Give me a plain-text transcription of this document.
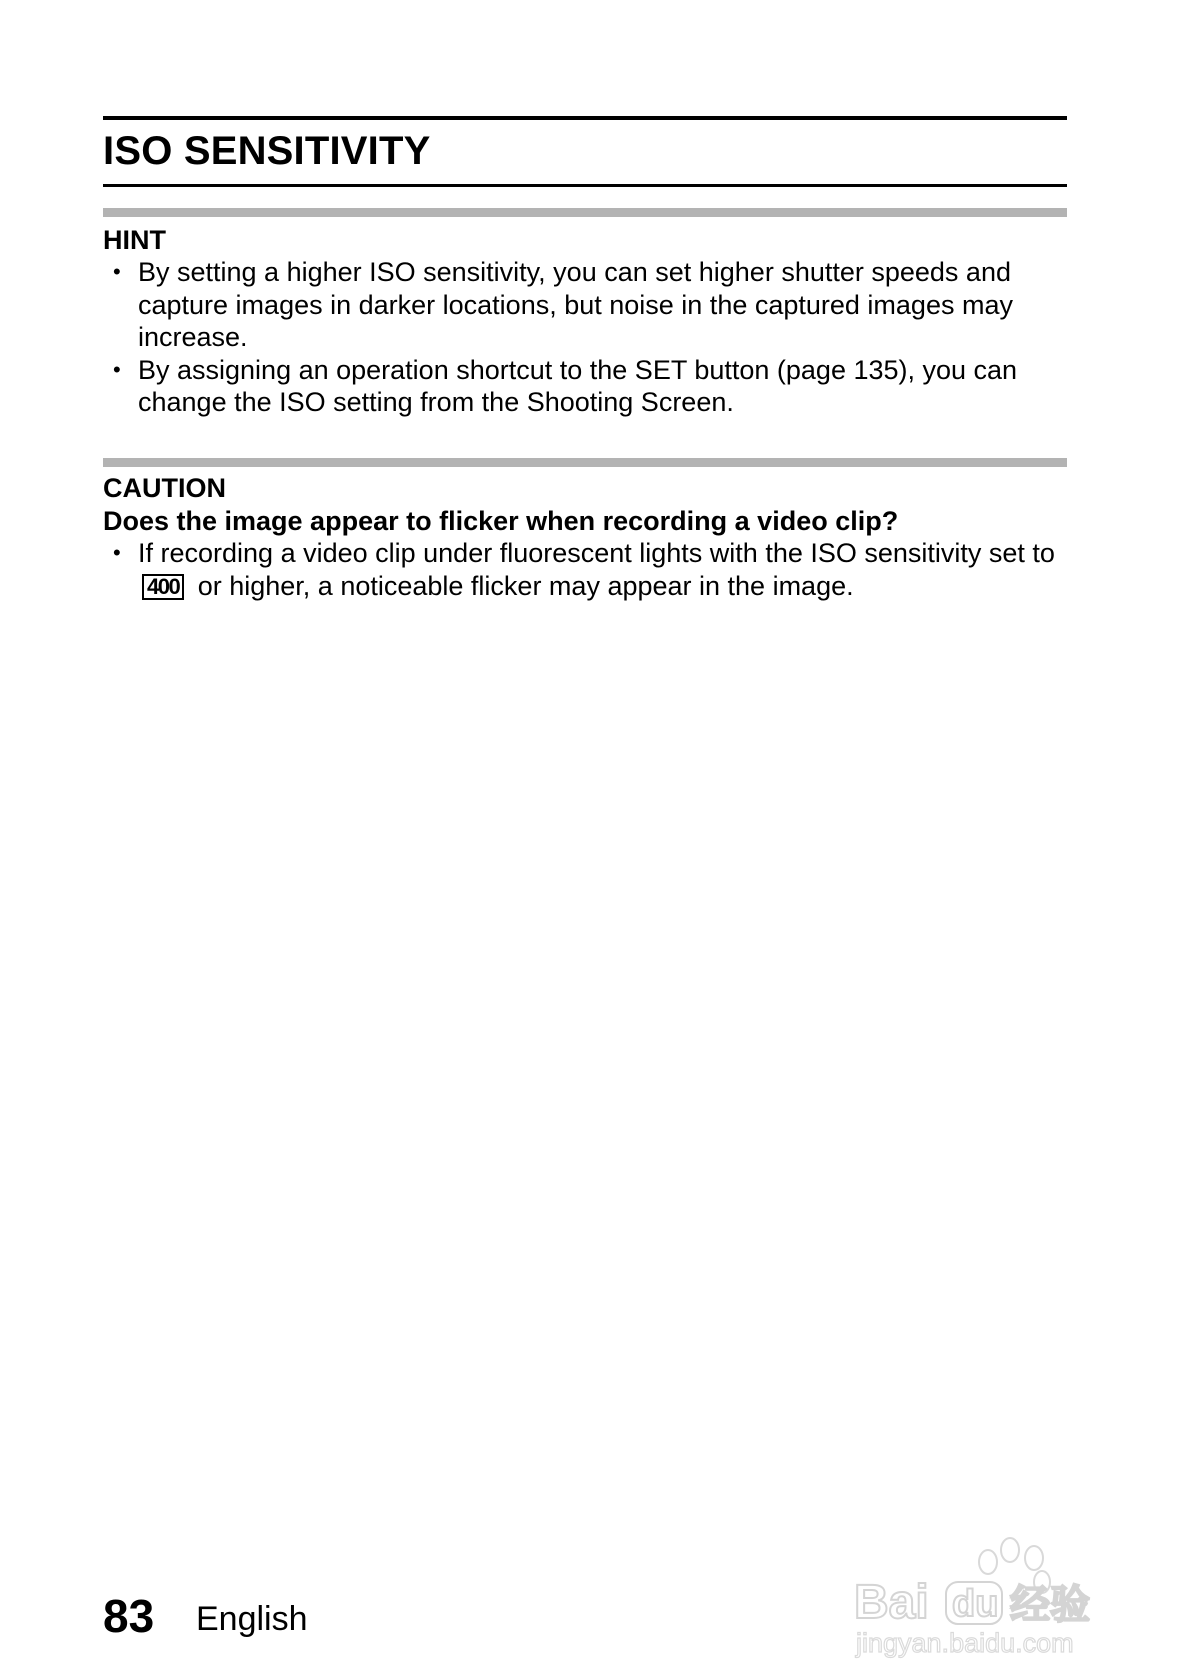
ISO SENSITIVITY
HINT
• By setting a higher ISO sensitivity, you can set higher shutter speeds and capture images in darker locations, but noise in the captured images may increase.
• By assigning an operation shortcut to the SET button (page 135), you can change the ISO setting from the Shooting Screen.
CAUTION
Does the image appear to flicker when recording a video clip?
• If recording a video clip under fluorescent lights with the ISO sensitivity set to 400 or higher, a noticeable flicker may appear in the image.
83 English	Bai du 经验
jingyan.baidu.com
